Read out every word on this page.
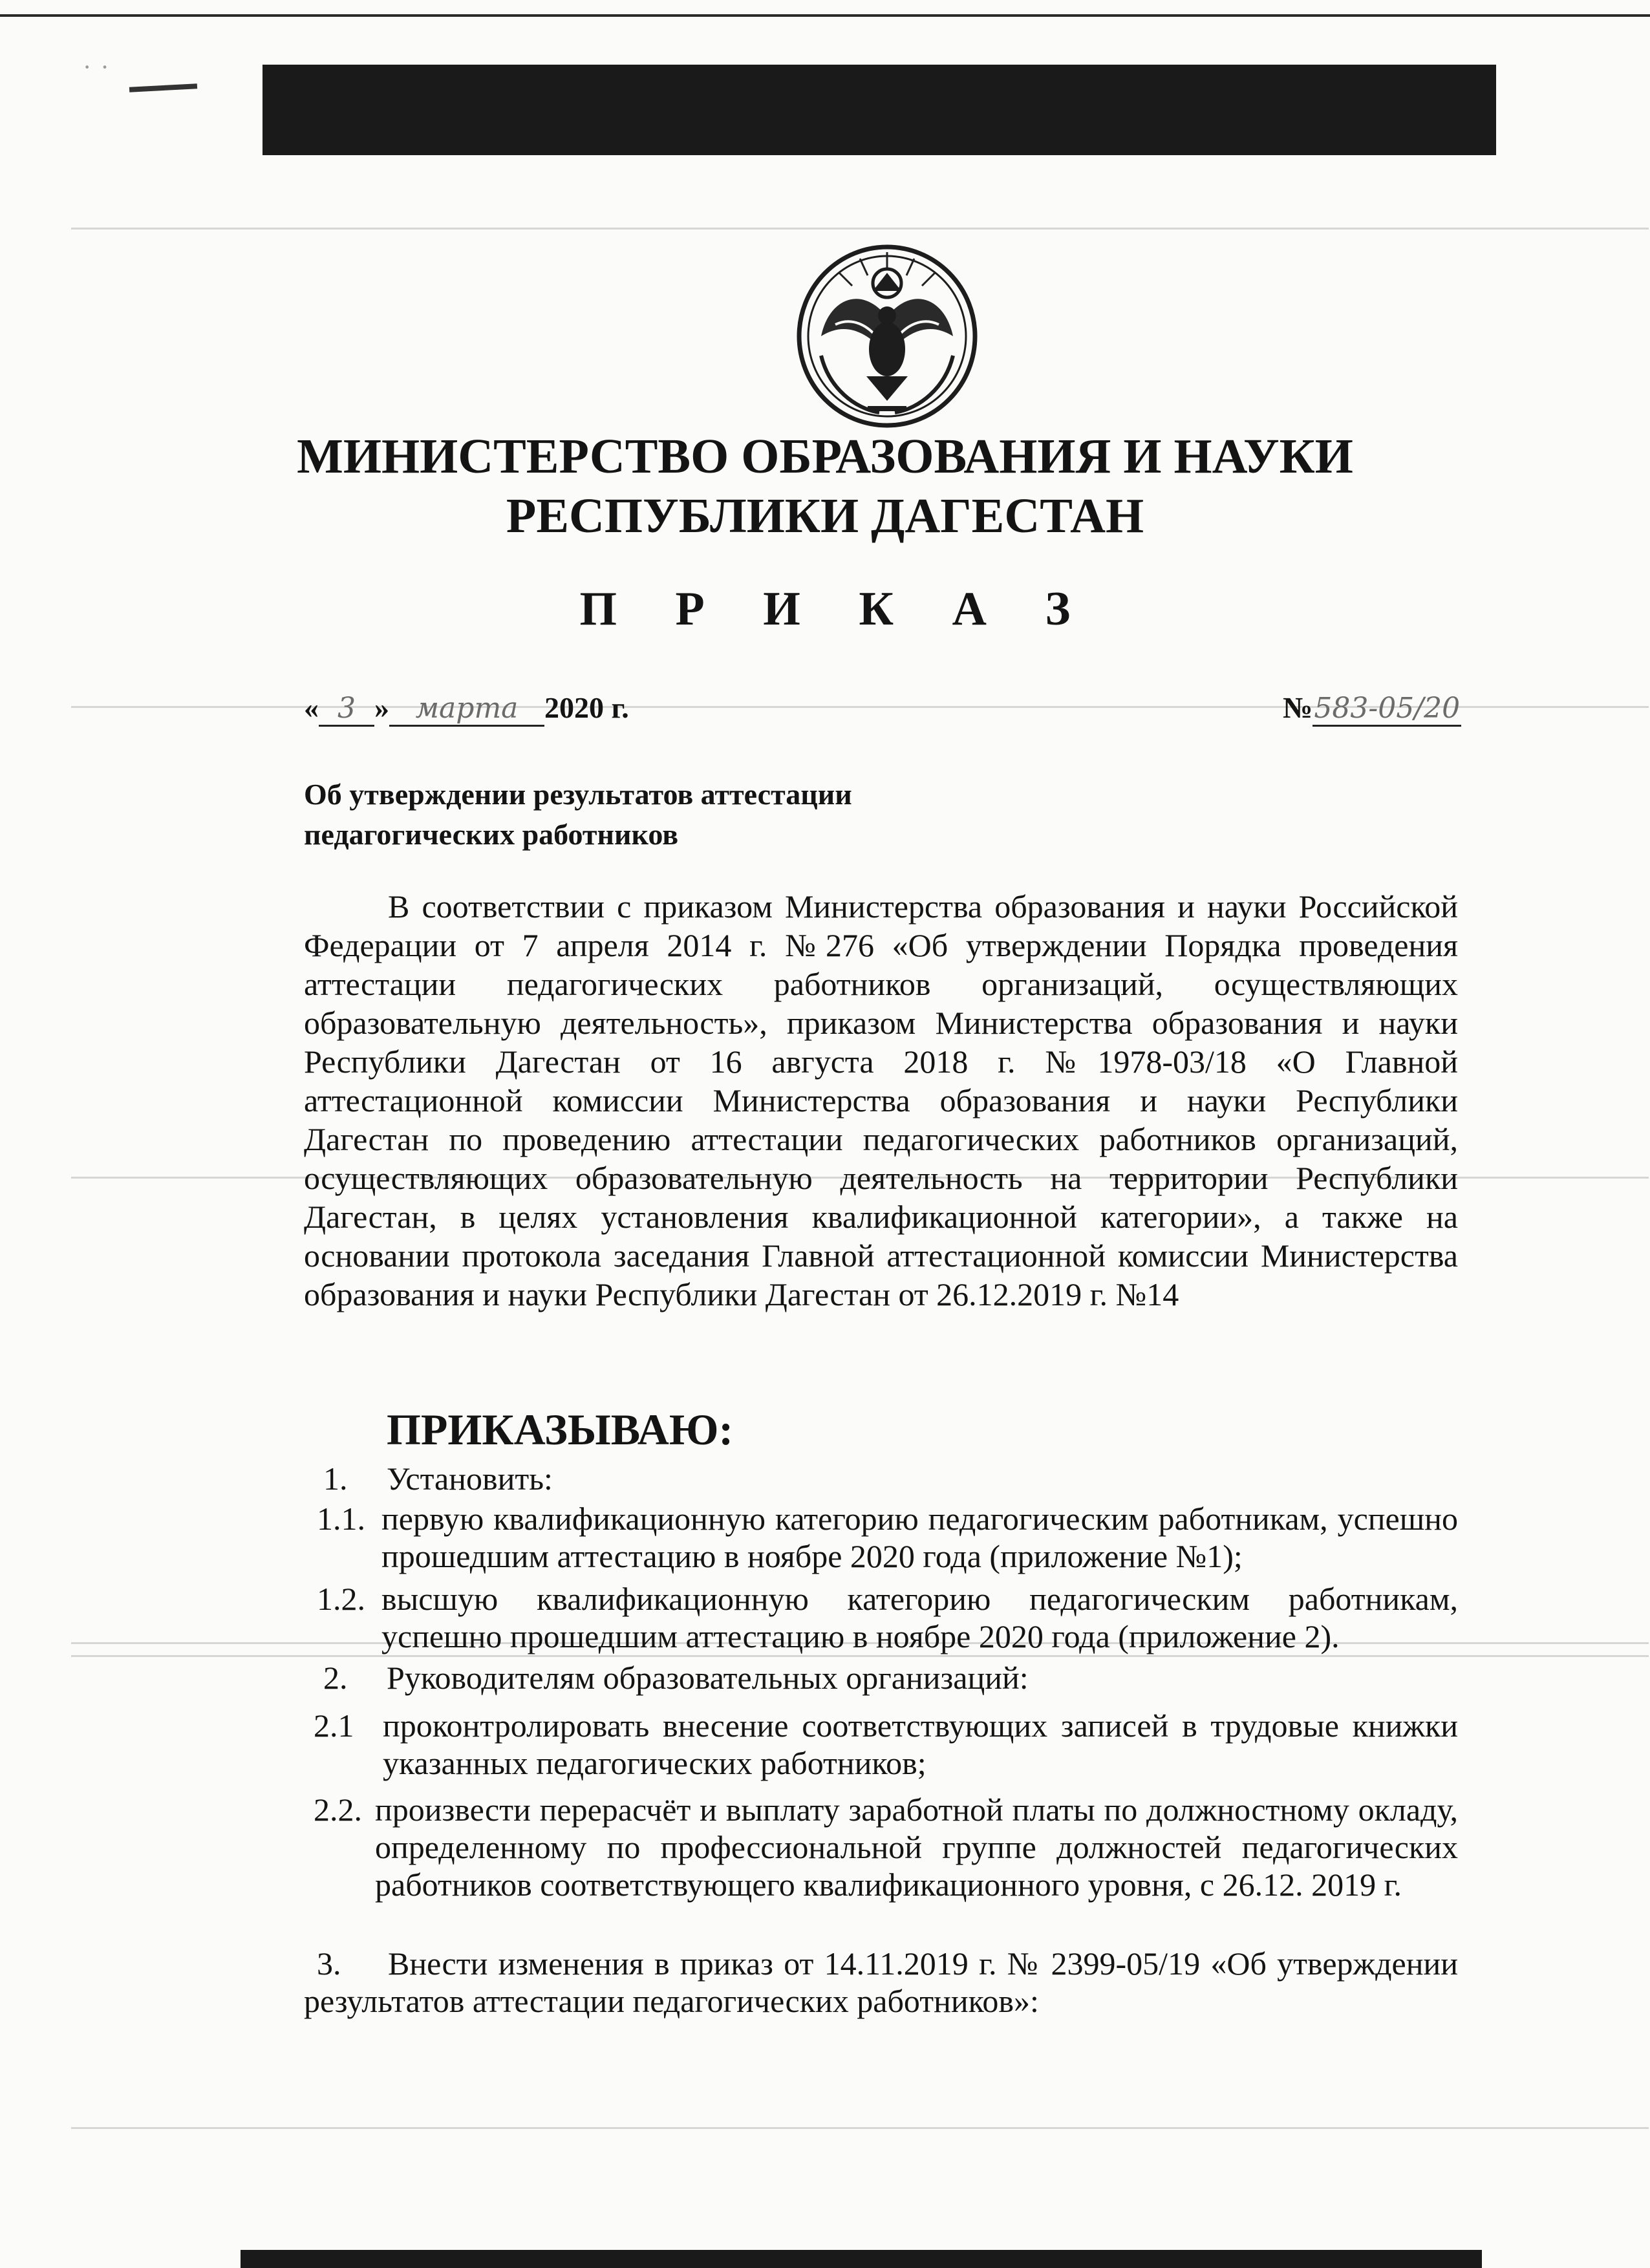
··
МИНИСТЕРСТВО ОБРАЗОВАНИЯ И НАУКИ
РЕСПУБЛИКИ ДАГЕСТАН
П Р И К А З
« 3 » марта 2020 г.	№583-05/20
Об утверждении результатов аттестации
педагогических работников
В соответствии с приказом Министерства образования и науки Российской Федерации от 7 апреля 2014 г. №276 «Об утверждении Порядка проведения аттестации педагогических работников организаций, осуществляющих образовательную деятельность», приказом Министерства образования и науки Республики Дагестан от 16 августа 2018 г. №1978-03/18 «О Главной аттестационной комиссии Министерства образования и науки Республики Дагестан по проведению аттестации педагогических работников организаций, осуществляющих образовательную деятельность на территории Республики Дагестан, в целях установления квалификационной категории», а также на основании протокола заседания Главной аттестационной комиссии Министерства образования и науки Республики Дагестан от 26.12.2019 г. №14
ПРИКАЗЫВАЮ:
1.	Установить:
1.1. первую квалификационную категорию педагогическим работникам, успешно прошедшим аттестацию в ноябре 2020 года (приложение №1);
1.2. высшую квалификационную категорию педагогическим работникам, успешно прошедшим аттестацию в ноябре 2020 года (приложение 2).
2.	Руководителям образовательных организаций:
2.1 проконтролировать внесение соответствующих записей в трудовые книжки указанных педагогических работников;
2.2. произвести перерасчёт и выплату заработной платы по должностному окладу, определенному по профессиональной группе должностей педагогических работников соответствующего квалификационного уровня, с 26.12. 2019 г.
3.	Внести изменения в приказ от 14.11.2019 г. № 2399-05/19 «Об утверждении результатов аттестации педагогических работников»:
